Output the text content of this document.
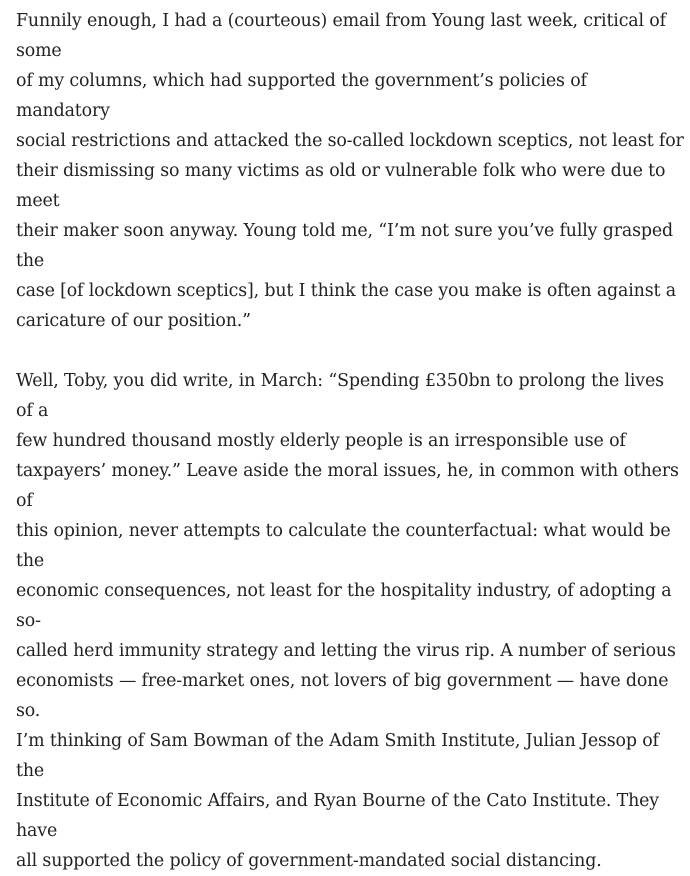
Funnily enough, I had a (courteous) email from Young last week, critical of some
of my columns, which had supported the government’s policies of mandatory
social restrictions and attacked the so-called lockdown sceptics, not least for
their dismissing so many victims as old or vulnerable folk who were due to meet
their maker soon anyway. Young told me, “I’m not sure you’ve fully grasped the
case [of lockdown sceptics], but I think the case you make is often against a
caricature of our position.”

Well, Toby, you did write, in March: “Spending £350bn to prolong the lives of a
few hundred thousand mostly elderly people is an irresponsible use of
taxpayers’ money.” Leave aside the moral issues, he, in common with others of
this opinion, never attempts to calculate the counterfactual: what would be the
economic consequences, not least for the hospitality industry, of adopting a so-
called herd immunity strategy and letting the virus rip. A number of serious
economists — free-market ones, not lovers of big government — have done so.
I’m thinking of Sam Bowman of the Adam Smith Institute, Julian Jessop of the
Institute of Economic Affairs, and Ryan Bourne of the Cato Institute. They have
all supported the policy of government-mandated social distancing.
